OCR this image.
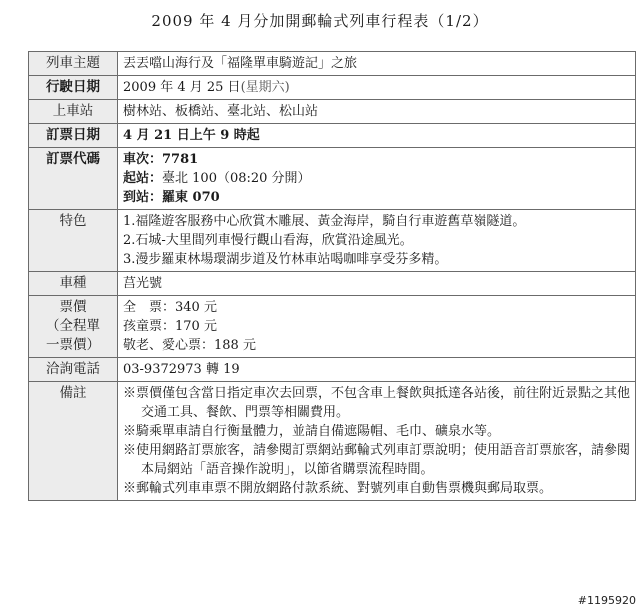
2009 年 4 月分加開郵輪式列車行程表（1/2）
列車主題	丟丟噹山海行及「福隆單車騎遊記」之旅
行駛日期	2009 年 4 月 25 日(星期六)
上車站	樹林站、板橋站、臺北站、松山站
訂票日期	4 月 21 日上午 9 時起
訂票代碼	車次：7781
起站：臺北 100（08:20 分開）
到站：羅東 070

特色	1.福隆遊客服務中心欣賞木雕展、黃金海岸，騎自行車遊舊草嶺隧道。
2.石城-大里間列車慢行觀山看海，欣賞沿途風光。
3.漫步羅東林場環湖步道及竹林車站喝咖啡享受芬多精。

車種	莒光號

票價
（全程單
一票價）	全　票：340 元
孩童票：170 元
敬老、愛心票：188 元

洽詢電話	03-9372973 轉 19
備註	※票價僅包含當日指定車次去回票，不包含車上餐飲與抵達各站後，前往附近景點之其他交通工具、餐飲、門票等相關費用。
※騎乘單車請自行衡量體力，並請自備遮陽帽、毛巾、礦泉水等。
※使用網路訂票旅客，請參閱訂票網站郵輪式列車訂票說明；使用語音訂票旅客，請參閱本局網站「語音操作說明」，以節省購票流程時間。
※郵輪式列車車票不開放網路付款系統、對號列車自動售票機與郵局取票。
#1195920
